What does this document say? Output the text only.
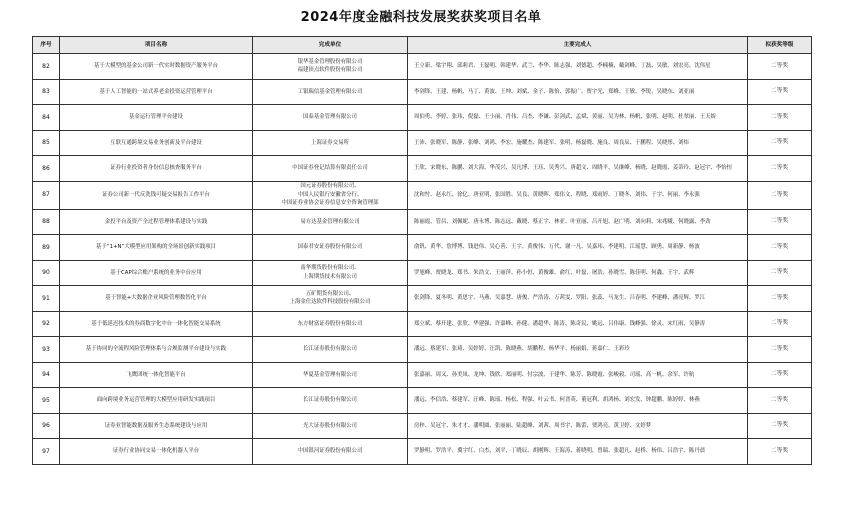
2024年度金融科技发展奖获奖项目名单
序号	项目名称	完成单位	主要完成人	拟获奖等级
82	基于大模型的基金公司新一代实时数据资产服务平台	银华基金管理股份有限公司
福建顶点软件股份有限公司	王立新、梁宇翔、邱莉君、王磊明、韩建华、武兰、李华、陈志强、刘德超、李楠楠、戴剑峰、丁磊、吴敏、刘宏亮、沈伟星	二等奖
83	基于人工智能的一站式养老金投资运营管理平台	工银瑞信基金管理有限公司	李剑锋、王建、杨帆、马丁、黄波、王坤、刘斌、金子、陈怡、郭振广、贾宇光、郑峰、王敏、李锐、吴晓东、刘亚丽	二等奖
84	基金运行管理平台建设	国泰基金管理有限公司	周伯勇、李婷、张玮、倪磊、王小丽、肖伟、吕杰、李谦、彭剑武、孟斌、黄丽、吴为林、杨帆、张明、赵明、杜翠丽、王天娇	二等奖
85	互联互通跨境交易业务创新及平台建设	上海证券交易所	王沛、张晓军、陈静、张峰、刘鸿、李宏、施耀杰、陈建军、张明、杨磊晓、施良、周良辰、于鹏程、吴晓彤、刘炜	二等奖
86	证券行业投资者身份信息核查服务平台	中国证券登记结算有限责任公司	王欣、宋晓东、陈鹏、刘大海、华茂兴、吴凡博、王珏、吴秀兴、唐超文、周晓平、吴继峰、杨晓、赵晓霞、姜蒂玲、赵冠宇、李怡恒	二等奖
87	证券公司新一代反洗钱可疑交易报告工作平台	国元证券股份有限公司、
中国人民银行安徽省分行、
中国证券业协会证券信息安全咨询管理部	沈和忖、赵永红、徐亿、唐亚明、张国胜、吴良、黄晓晖、郑伟文、程晓、郑雨婷、丁晓冬、刘伟、于宇、何丽、李永强	二等奖
88	金投平台及资产全过程管理体系建设与实践	易方达基金管理有限公司	陈丽霞、管昌、刘佩妮、唐永博、陈志远、戴晓、蔡正宇、林亚、叶亚丽、吕开旭、赵广明、刘向莉、宋兆曦、何晓露、李劲	二等奖
89	基于“1+N”大模型应用架构的全场景创新实践项目	国泰君安证券股份有限公司	俞钒、黄华、詹博博、钱进伟、吴心善、王宇、黄俊伟、万代、谢一凡、吴嘉玮、李建明、江瑶慧、顾勇、周新静、杨波	二等奖
90	基于CAP综合账户系统的业务中台应用	南华期货股份有限公司、
上海期货技术有限公司	罗旭峰、贾晓龙、郑书、朱浩文、王丽萍、孙小恒、黄俊雄、俞红、叶磊、屠浩、孙晓雪、陈佳明、何鑫、王宇、武辉	二等奖
91	基于智能+大数据企业风险管理数智化平台	五矿期货有限公司、
上海金仕达软件科技股份有限公司	张剑锋、夏冬明、黄思宇、马燕、吴嘉慧、唐俊、严浩涛、万茜雯、罗阳、张蕊、马龙生、吕春明、李建峰、潘亮辉、罗江	二等奖
92	基于低延迟技术的券商数字化中台一体化智能交易系统	东方财富证券股份有限公司	郑立斌、蔡开建、张欣、华建强、许嘉峰、孙健、潘超华、陈涛、陈奇民、姚远、吕伟康、钱峰强、徐灵、宋红雨、吴静涛	二等奖
93	基于协同的全流程风险管理体系与合规监测平台建设与实践	长江证券股份有限公司	潘远、蔡建军、张琦、吴婷婷、汪凯、陈晓燕、胡鹏程、杨华平、杨丽娟、蒋嘉仁、王彩玲	二等奖
94	飞鹰团统一体化智能平台	华夏基金管理有限公司	张嘉丽、周又、孙美凤、龙坤、钱欣、郑丽明、付宗波、于建华、陈芳、陈晓霞、张峻毅、司瑶、高一帆、余军、许航	二等奖
95	面向跨境业务运营管理的大模型应用研发实践项目	长江证券股份有限公司	潘远、李信浩、蔡建军、汪峰、陈瑶、杨松、程强、叶云书、何晋英、董冠利、胡鸿杨、刘宏发、钟超鹏、陈婷婷、林燕	二等奖
96	证券业智能数据及服务生态系统建设与应用	光大证券股份有限公司	房梓、吴冠宇、朱才才、潘明圆、张丽丽、陆超峰、刘茜、周书宇、陈蕾、贾鸿亮、黄卫婷、文婷梦	二等奖
97	证券行业协同交易一体化机器人平台	中国银河证券股份有限公司	罗静明、罗浩平、冀宇红、白杰、刘平、丁晓辰、胡刚辉、王海涛、蒋晓明、曾瑞、张超凡、赵桥、杨伟、吕浩宇、陈丹晨	二等奖
